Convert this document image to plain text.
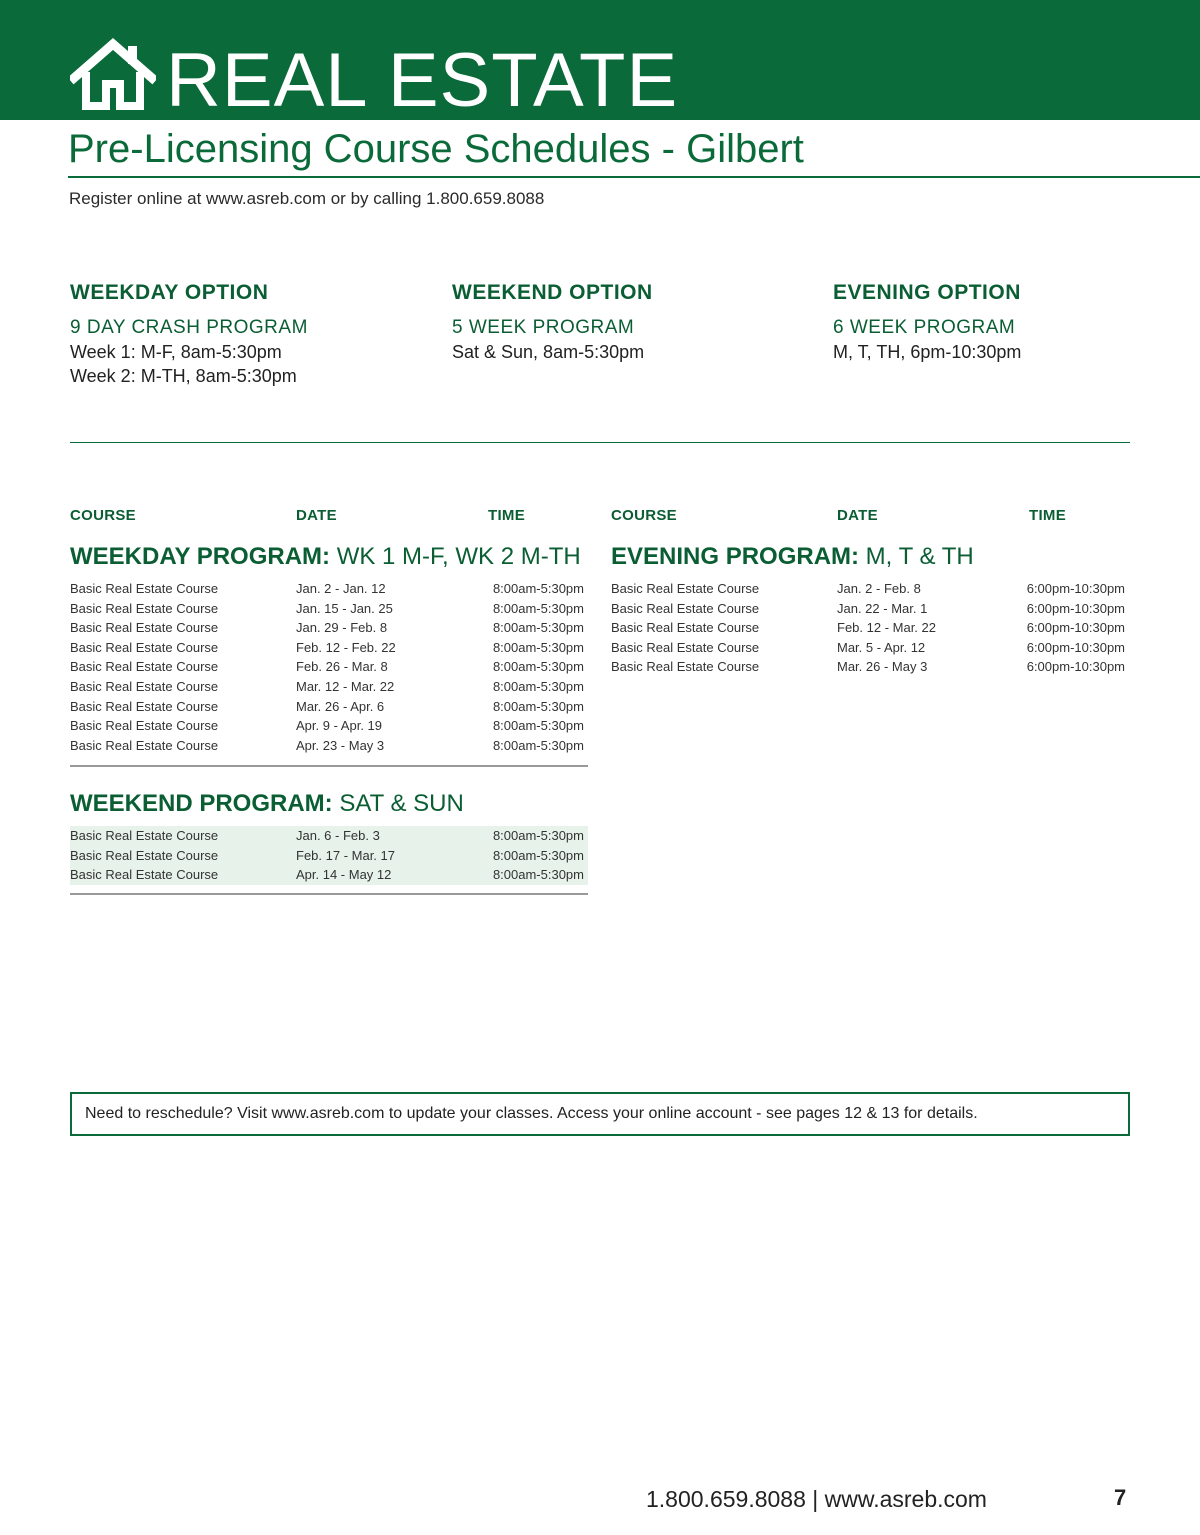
REAL ESTATE
Pre-Licensing Course Schedules - Gilbert
Register online at www.asreb.com or by calling 1.800.659.8088
WEEKDAY OPTION
9 DAY CRASH PROGRAM
Week 1: M-F, 8am-5:30pm
Week 2: M-TH, 8am-5:30pm
WEEKEND OPTION
5 WEEK PROGRAM
Sat & Sun, 8am-5:30pm
EVENING OPTION
6 WEEK PROGRAM
M, T, TH, 6pm-10:30pm
COURSE	DATE	TIME	COURSE	DATE	TIME
WEEKDAY PROGRAM: WK 1 M-F, WK 2 M-TH
Basic Real Estate Course	Jan. 2 - Jan. 12	8:00am-5:30pm
Basic Real Estate Course	Jan. 15 - Jan. 25	8:00am-5:30pm
Basic Real Estate Course	Jan. 29 - Feb. 8	8:00am-5:30pm
Basic Real Estate Course	Feb. 12 - Feb. 22	8:00am-5:30pm
Basic Real Estate Course	Feb. 26 - Mar. 8	8:00am-5:30pm
Basic Real Estate Course	Mar. 12 - Mar. 22	8:00am-5:30pm
Basic Real Estate Course	Mar. 26 - Apr. 6	8:00am-5:30pm
Basic Real Estate Course	Apr. 9 - Apr. 19	8:00am-5:30pm
Basic Real Estate Course	Apr. 23 - May 3	8:00am-5:30pm
WEEKEND PROGRAM: SAT & SUN
Basic Real Estate Course	Jan. 6 - Feb. 3	8:00am-5:30pm
Basic Real Estate Course	Feb. 17 - Mar. 17	8:00am-5:30pm
Basic Real Estate Course	Apr. 14 - May 12	8:00am-5:30pm
EVENING PROGRAM: M, T & TH
Basic Real Estate Course	Jan. 2 - Feb. 8	6:00pm-10:30pm
Basic Real Estate Course	Jan. 22 - Mar. 1	6:00pm-10:30pm
Basic Real Estate Course	Feb. 12 - Mar. 22	6:00pm-10:30pm
Basic Real Estate Course	Mar. 5 - Apr. 12	6:00pm-10:30pm
Basic Real Estate Course	Mar. 26 - May 3	6:00pm-10:30pm
Need to reschedule? Visit www.asreb.com to update your classes. Access your online account - see pages 12 & 13 for details.
1.800.659.8088 | www.asreb.com	7
